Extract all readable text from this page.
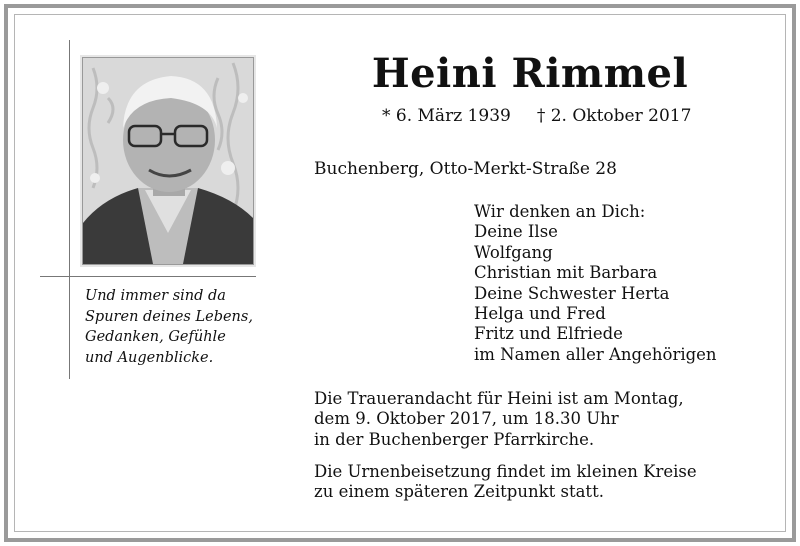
Und immer sind da
Spuren deines Lebens,
Gedanken, Gefühle
und Augenblicke.
Heini Rimmel
* 6. März 1939 † 2. Oktober 2017
Buchenberg, Otto-Merkt-Straße 28
Wir denken an Dich:
Deine Ilse
Wolfgang
Christian mit Barbara
Deine Schwester Herta
Helga und Fred
Fritz und Elfriede
im Namen aller Angehörigen
Die Trauerandacht für Heini ist am Montag,
dem 9. Oktober 2017, um 18.30 Uhr
in der Buchenberger Pfarrkirche.
Die Urnenbeisetzung findet im kleinen Kreise
zu einem späteren Zeitpunkt statt.
